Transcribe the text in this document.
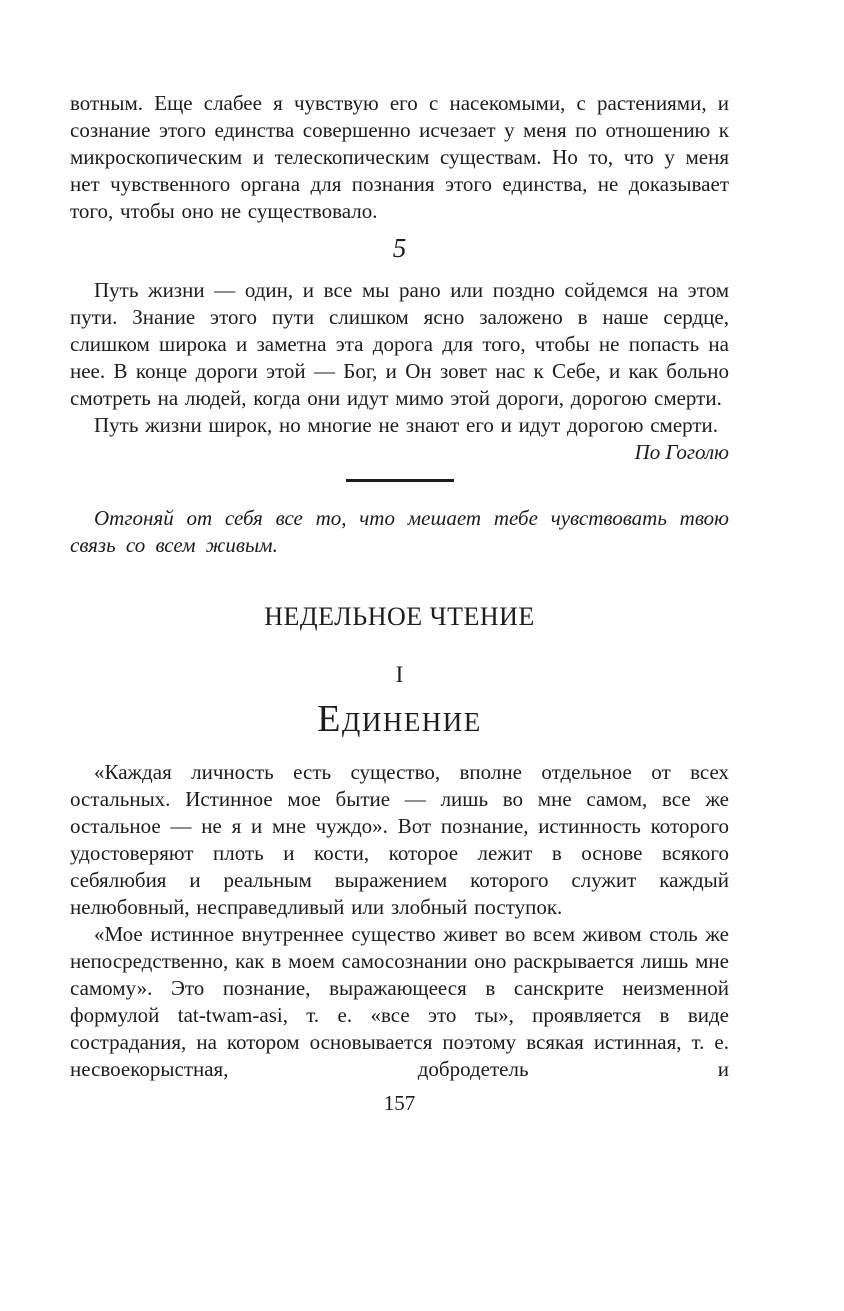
вотным. Еще слабее я чувствую его с насекомыми, с растениями, и сознание этого единства совершенно исчезает у меня по отношению к микроскопическим и телескопическим существам. Но то, что у меня нет чувственного органа для познания этого единства, не доказывает того, чтобы оно не существовало.

5

Путь жизни — один, и все мы рано или поздно сойдемся на этом пути. Знание этого пути слишком ясно заложено в наше сердце, слишком широка и заметна эта дорога для того, чтобы не попасть на нее. В конце дороги этой — Бог, и Он зовет нас к Себе, и как больно смотреть на людей, когда они идут мимо этой дороги, дорогою смерти.

Путь жизни широк, но многие не знают его и идут дорогою смерти.

По Гоголю

Отгоняй от себя все то, что мешает тебе чувствовать твою связь со всем живым.

НЕДЕЛЬНОЕ ЧТЕНИЕ
I
Единение

«Каждая личность есть существо, вполне отдельное от всех остальных. Истинное мое бытие — лишь во мне самом, все же остальное — не я и мне чуждо». Вот познание, истинность которого удостоверяют плоть и кости, которое лежит в основе всякого себялюбия и реальным выражением которого служит каждый нелюбовный, несправедливый или злобный поступок.

«Мое истинное внутреннее существо живет во всем живом столь же непосредственно, как в моем самосознании оно раскрывается лишь мне самому». Это познание, выражающееся в санскрите неизменной формулой tat-twam-asi, т. е. «все это ты», проявляется в виде сострадания, на котором основывается поэтому всякая истинная, т. е. несвоекорыстная, добродетель и

157
